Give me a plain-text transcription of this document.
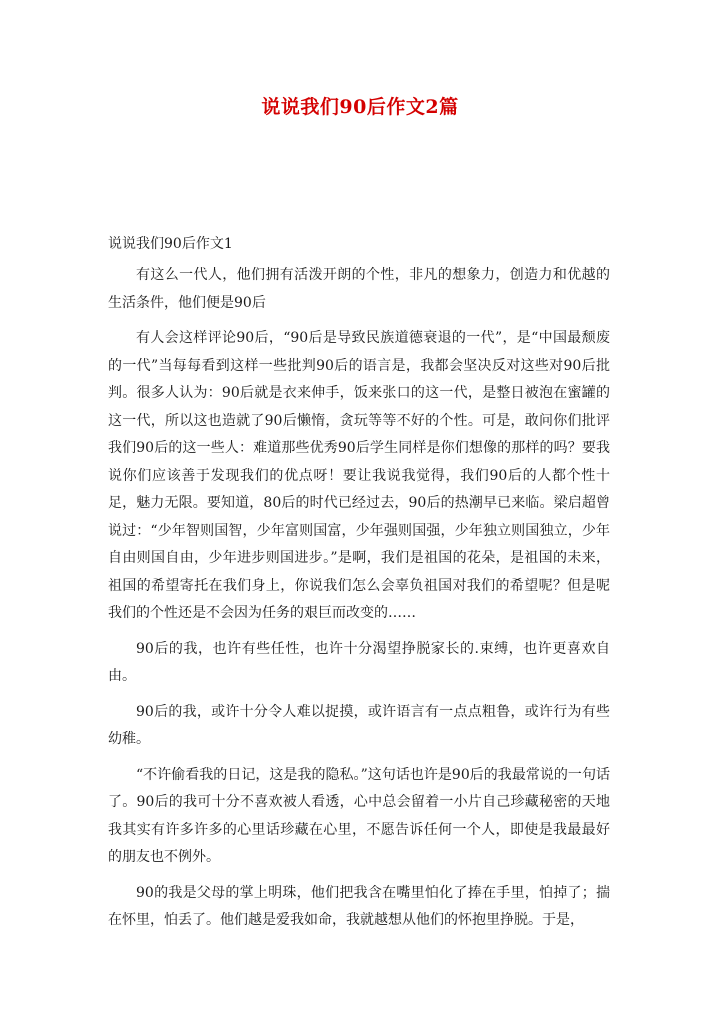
说说我们90后作文2篇
说说我们90后作文1

有这么一代人，他们拥有活泼开朗的个性，非凡的想象力，创造力和优越的生活条件，他们便是90后

有人会这样评论90后，“90后是导致民族道德衰退的一代”，是“中国最颓废的一代”当每每看到这样一些批判90后的语言是，我都会坚决反对这些对90后批判。很多人认为：90后就是衣来伸手，饭来张口的这一代，是整日被泡在蜜罐的这一代，所以这也造就了90后懒惰，贪玩等等不好的个性。可是，敢问你们批评我们90后的这一些人：难道那些优秀90后学生同样是你们想像的那样的吗？要我说你们应该善于发现我们的优点呀！要让我说我觉得，我们90后的人都个性十足，魅力无限。要知道，80后的时代已经过去，90后的热潮早已来临。梁启超曾说过：“少年智则国智，少年富则国富，少年强则国强，少年独立则国独立，少年自由则国自由，少年进步则国进步。”是啊，我们是祖国的花朵，是祖国的未来，祖国的希望寄托在我们身上，你说我们怎么会辜负祖国对我们的希望呢？但是呢我们的个性还是不会因为任务的艰巨而改变的……

90后的我，也许有些任性，也许十分渴望挣脱家长的.束缚，也许更喜欢自由。

90后的我，或许十分令人难以捉摸，或许语言有一点点粗鲁，或许行为有些幼稚。

“不许偷看我的日记，这是我的隐私。”这句话也许是90后的我最常说的一句话了。90后的我可十分不喜欢被人看透，心中总会留着一小片自己珍藏秘密的天地 我其实有许多许多的心里话珍藏在心里，不愿告诉任何一个人，即使是我最最好的朋友也不例外。

90的我是父母的掌上明珠，他们把我含在嘴里怕化了捧在手里，怕掉了；揣在怀里，怕丢了。他们越是爱我如命，我就越想从他们的怀抱里挣脱。于是，
